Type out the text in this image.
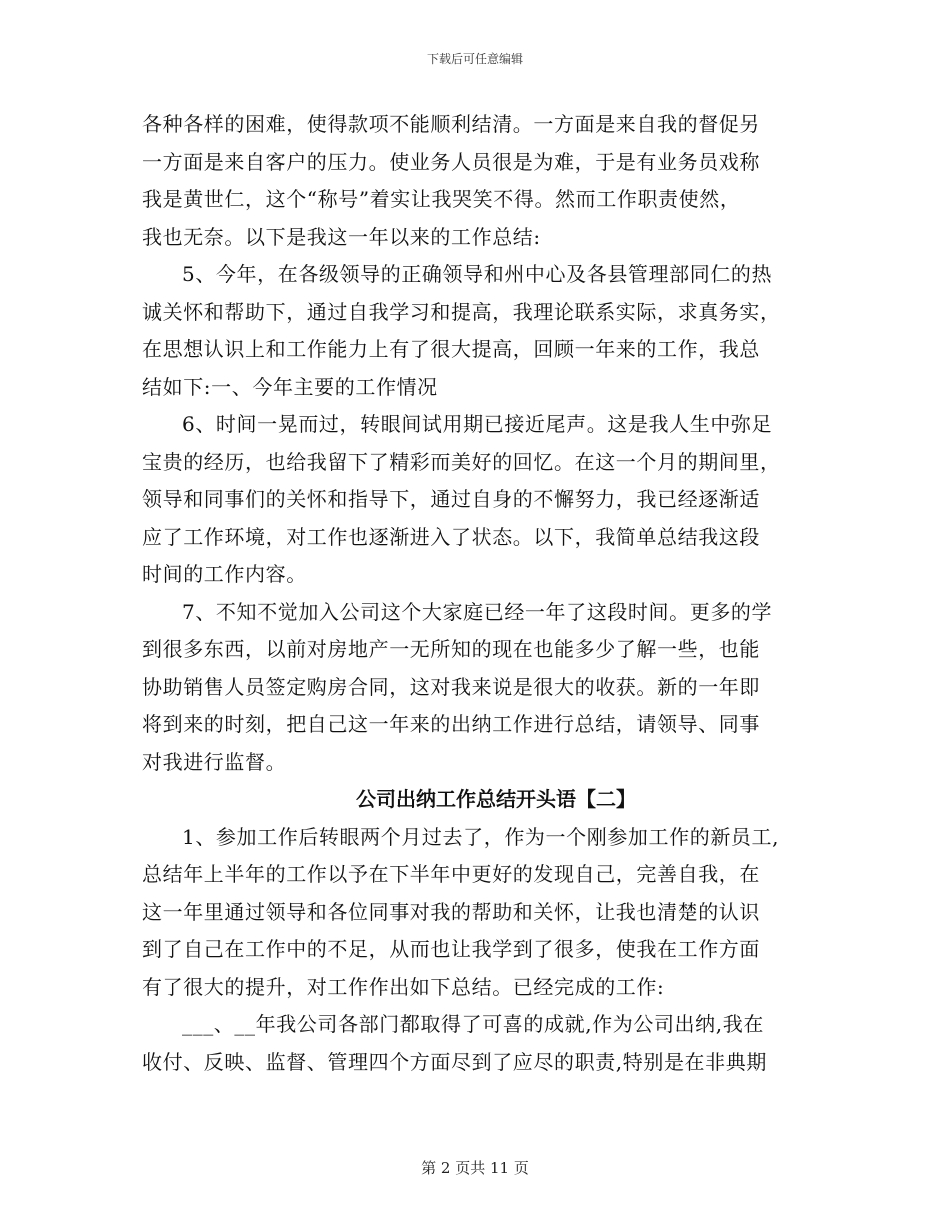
下载后可任意编辑
各种各样的困难，使得款项不能顺利结清。一方面是来自我的督促另
一方面是来自客户的压力。使业务人员很是为难，于是有业务员戏称
我是黄世仁，这个“称号”着实让我哭笑不得。然而工作职责使然，
我也无奈。以下是我这一年以来的工作总结:
5、今年，在各级领导的正确领导和州中心及各县管理部同仁的热
诚关怀和帮助下，通过自我学习和提高，我理论联系实际，求真务实，
在思想认识上和工作能力上有了很大提高，回顾一年来的工作，我总
结如下:一、今年主要的工作情况
6、时间一晃而过，转眼间试用期已接近尾声。这是我人生中弥足
宝贵的经历，也给我留下了精彩而美好的回忆。在这一个月的期间里，
领导和同事们的关怀和指导下，通过自身的不懈努力，我已经逐渐适
应了工作环境，对工作也逐渐进入了状态。以下，我简单总结我这段
时间的工作内容。
7、不知不觉加入公司这个大家庭已经一年了这段时间。更多的学
到很多东西，以前对房地产一无所知的现在也能多少了解一些，也能
协助销售人员签定购房合同，这对我来说是很大的收获。新的一年即
将到来的时刻，把自己这一年来的出纳工作进行总结，请领导、同事
对我进行监督。
公司出纳工作总结开头语【二】
1、参加工作后转眼两个月过去了，作为一个刚参加工作的新员工,
总结年上半年的工作以予在下半年中更好的发现自己，完善自我，在
这一年里通过领导和各位同事对我的帮助和关怀，让我也清楚的认识
到了自己在工作中的不足，从而也让我学到了很多，使我在工作方面
有了很大的提升，对工作作出如下总结。已经完成的工作:
___、__年我公司各部门都取得了可喜的成就,作为公司出纳,我在
收付、反映、监督、管理四个方面尽到了应尽的职责,特别是在非典期
第 2 页共 11 页
